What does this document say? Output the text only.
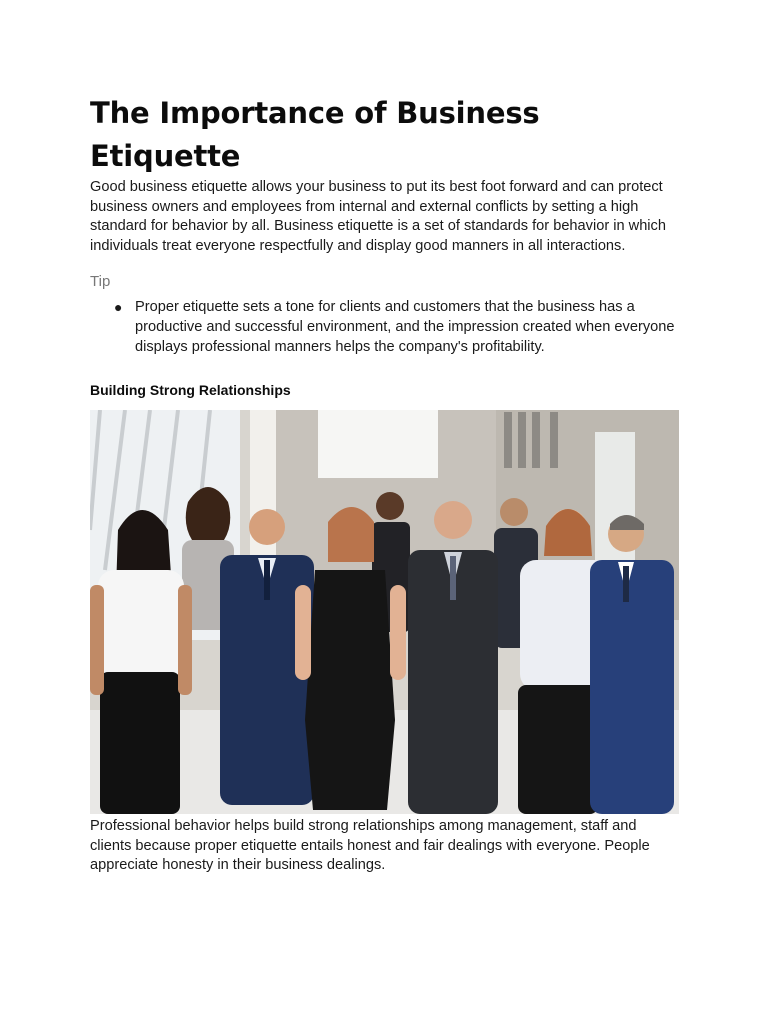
The Importance of Business Etiquette

Good business etiquette allows your business to put its best foot forward and can protect business owners and employees from internal and external conflicts by setting a high standard for behavior by all. Business etiquette is a set of standards for behavior in which individuals treat everyone respectfully and display good manners in all interactions.

Tip
● Proper etiquette sets a tone for clients and customers that the business has a productive and successful environment, and the impression created when everyone displays professional manners helps the company's profitability.
Building Strong Relationships

Professional behavior helps build strong relationships among management, staff and clients because proper etiquette entails honest and fair dealings with everyone. People appreciate honesty in their business dealings.
